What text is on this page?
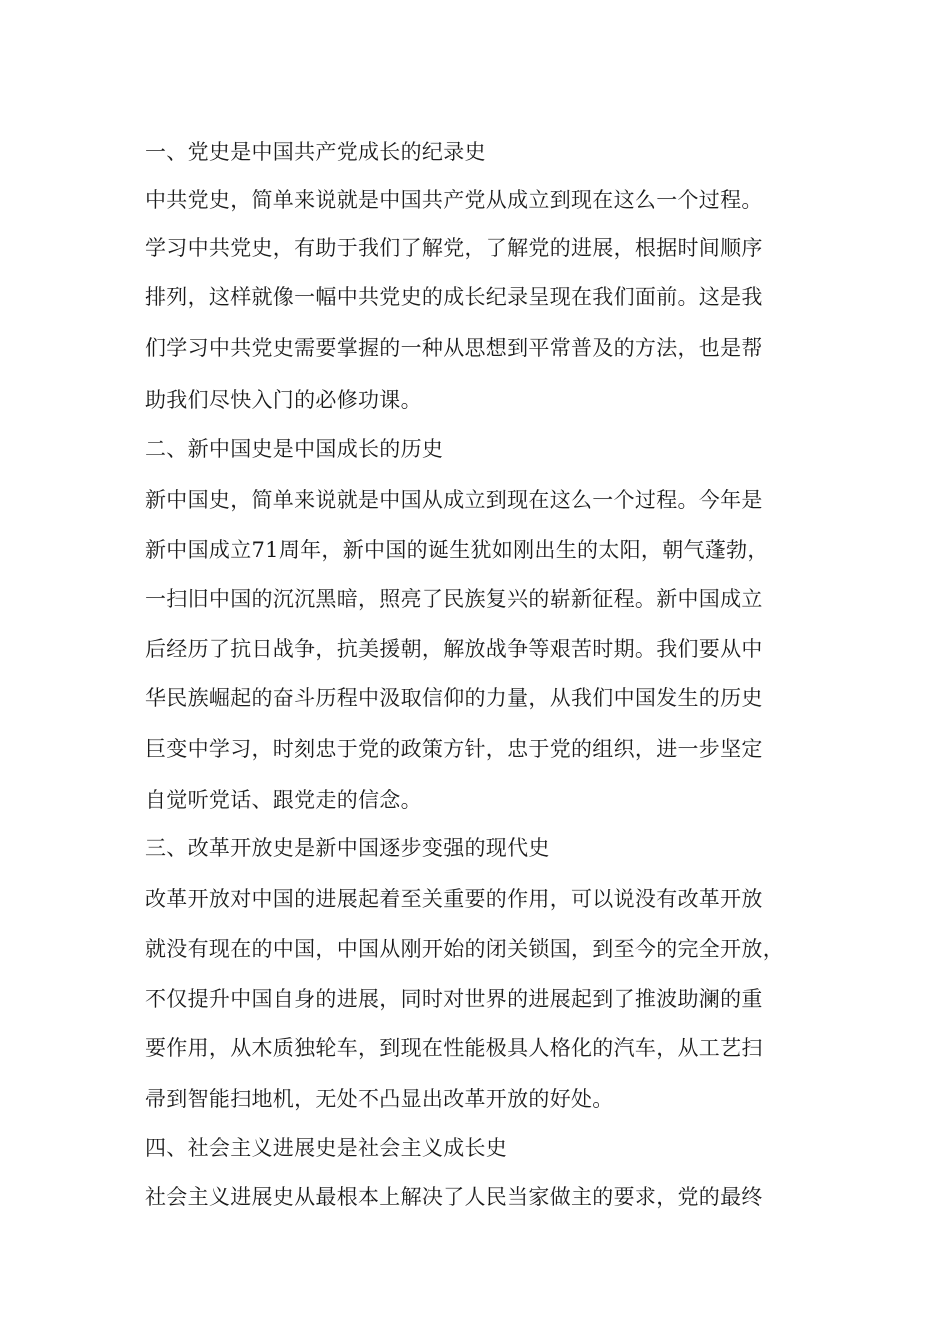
一、党史是中国共产党成长的纪录史
中共党史，简单来说就是中国共产党从成立到现在这么一个过程。
学习中共党史，有助于我们了解党，了解党的进展，根据时间顺序
排列，这样就像一幅中共党史的成长纪录呈现在我们面前。这是我
们学习中共党史需要掌握的一种从思想到平常普及的方法，也是帮
助我们尽快入门的必修功课。
二、新中国史是中国成长的历史
新中国史，简单来说就是中国从成立到现在这么一个过程。今年是
新中国成立71周年，新中国的诞生犹如刚出生的太阳，朝气蓬勃，
一扫旧中国的沉沉黑暗，照亮了民族复兴的崭新征程。新中国成立
后经历了抗日战争，抗美援朝，解放战争等艰苦时期。我们要从中
华民族崛起的奋斗历程中汲取信仰的力量，从我们中国发生的历史
巨变中学习，时刻忠于党的政策方针，忠于党的组织，进一步坚定
自觉听党话、跟党走的信念。
三、改革开放史是新中国逐步变强的现代史
改革开放对中国的进展起着至关重要的作用，可以说没有改革开放
就没有现在的中国，中国从刚开始的闭关锁国，到至今的完全开放，
不仅提升中国自身的进展，同时对世界的进展起到了推波助澜的重
要作用，从木质独轮车，到现在性能极具人格化的汽车，从工艺扫
帚到智能扫地机，无处不凸显出改革开放的好处。
四、社会主义进展史是社会主义成长史
社会主义进展史从最根本上解决了人民当家做主的要求，党的最终
